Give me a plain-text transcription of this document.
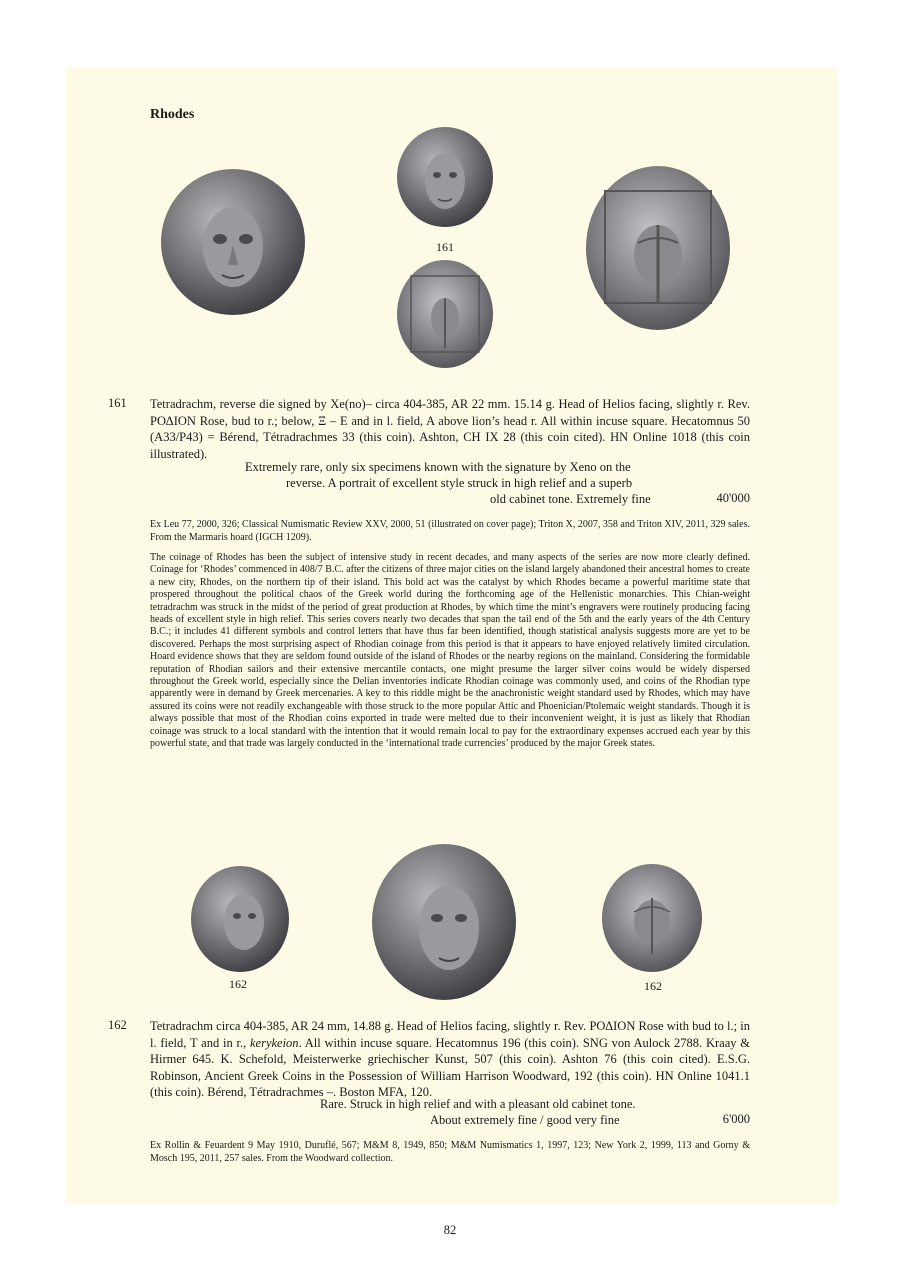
Rhodes
161
161 Tetradrachm, reverse die signed by Xe(no)– circa 404-385, AR 22 mm. 15.14 g. Head of Helios facing, slightly r. Rev. ΡΟΔΙΟΝ Rose, bud to r.; below, Ξ – E and in l. field, A above lion’s head r. All within incuse square. Hecatomnus 50 (A33/P43) = Bérend, Tétradrachmes 33 (this coin). Ashton, CH IX 28 (this coin cited). HN Online 1018 (this coin illustrated).
Extremely rare, only six specimens known with the signature by Xeno on the
reverse. A portrait of excellent style struck in high relief and a superb
old cabinet tone. Extremely fine	40'000
Ex Leu 77, 2000, 326; Classical Numismatic Review XXV, 2000, 51 (illustrated on cover page); Triton X, 2007, 358 and Triton XIV, 2011, 329 sales. From the Marmaris hoard (IGCH 1209).
The coinage of Rhodes has been the subject of intensive study in recent decades, and many aspects of the series are now more clearly defined. Coinage for ‘Rhodes’ commenced in 408/7 B.C. after the citizens of three major cities on the island largely abandoned their ancestral homes to create a new city, Rhodes, on the northern tip of their island. This bold act was the catalyst by which Rhodes became a powerful maritime state that prospered throughout the political chaos of the Greek world during the forthcoming age of the Hellenistic monarchies. This Chian-weight tetradrachm was struck in the midst of the period of great production at Rhodes, by which time the mint’s engravers were routinely producing facing heads of excellent style in high relief. This series covers nearly two decades that span the tail end of the 5th and the early years of the 4th Century B.C.; it includes 41 different symbols and control letters that have thus far been identified, though statistical analysis suggests more are yet to be discovered. Perhaps the most surprising aspect of Rhodian coinage from this period is that it appears to have enjoyed relatively limited circulation. Hoard evidence shows that they are seldom found outside of the island of Rhodes or the nearby regions on the mainland. Considering the formidable reputation of Rhodian sailors and their extensive mercantile contacts, one might presume the larger silver coins would be widely dispersed throughout the Greek world, especially since the Delian inventories indicate Rhodian coinage was commonly used, and coins of the Rhodian type apparently were in demand by Greek mercenaries. A key to this riddle might be the anachronistic weight standard used by Rhodes, which may have assured its coins were not readily exchangeable with those struck to the more popular Attic and Phoenician/Ptolemaic weight standards. Though it is always possible that most of the Rhodian coins exported in trade were melted due to their inconvenient weight, it is just as likely that Rhodian coinage was struck to a local standard with the intention that it would remain local to pay for the extraordinary expenses accrued each year by this powerful state, and that trade was largely conducted in the ‘international trade currencies’ produced by the major Greek states.
162	162
162 Tetradrachm circa 404-385, AR 24 mm, 14.88 g. Head of Helios facing, slightly r. Rev. ΡΟΔΙΟΝ Rose with bud to l.; in l. field, T and in r., kerykeion. All within incuse square. Hecatomnus 196 (this coin). SNG von Aulock 2788. Kraay & Hirmer 645. K. Schefold, Meisterwerke griechischer Kunst, 507 (this coin). Ashton 76 (this coin cited). E.S.G. Robinson, Ancient Greek Coins in the Possession of William Harrison Woodward, 192 (this coin). HN Online 1041.1 (this coin). Bérend, Tétradrachmes –. Boston MFA, 120.
Rare. Struck in high relief and with a pleasant old cabinet tone.
About extremely fine / good very fine	6'000
Ex Rollin & Feuardent 9 May 1910, Duruflé, 567; M&M 8, 1949, 850; M&M Numismatics 1, 1997, 123; New York 2, 1999, 113 and Gorny & Mosch 195, 2011, 257 sales. From the Woodward collection.
82
